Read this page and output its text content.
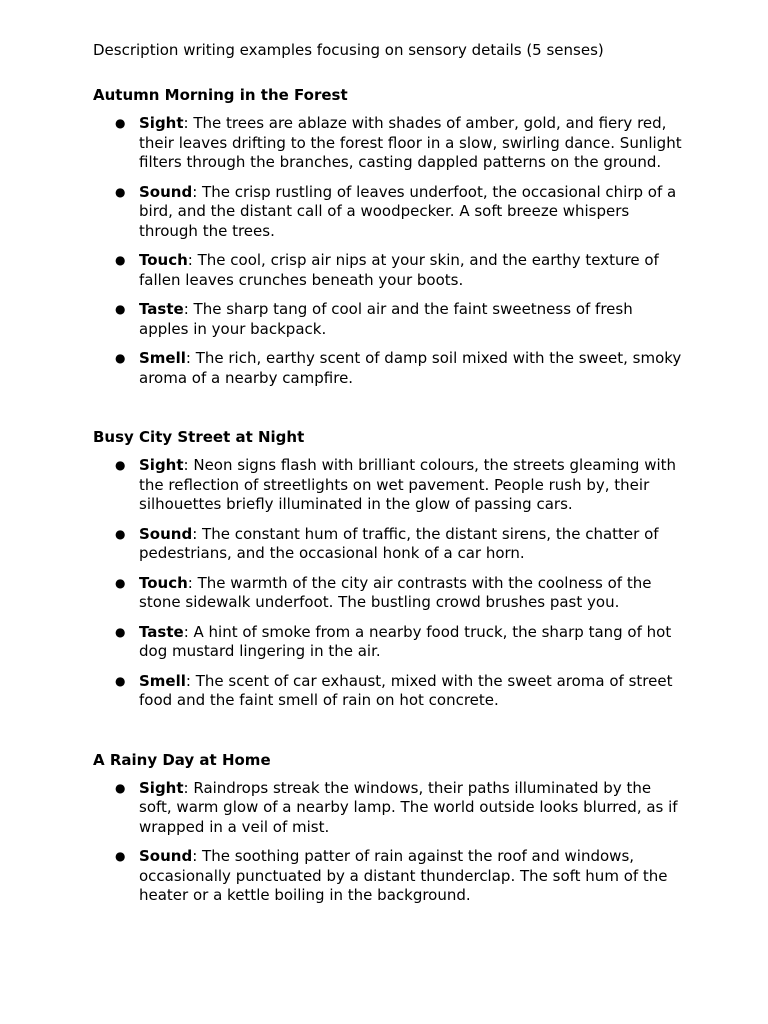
Description writing examples focusing on sensory details (5 senses)

Autumn Morning in the Forest
● Sight: The trees are ablaze with shades of amber, gold, and fiery red, their leaves drifting to the forest floor in a slow, swirling dance. Sunlight filters through the branches, casting dappled patterns on the ground.
● Sound: The crisp rustling of leaves underfoot, the occasional chirp of a bird, and the distant call of a woodpecker. A soft breeze whispers through the trees.
● Touch: The cool, crisp air nips at your skin, and the earthy texture of fallen leaves crunches beneath your boots.
● Taste: The sharp tang of cool air and the faint sweetness of fresh apples in your backpack.
● Smell: The rich, earthy scent of damp soil mixed with the sweet, smoky aroma of a nearby campfire.
Busy City Street at Night
● Sight: Neon signs flash with brilliant colours, the streets gleaming with the reflection of streetlights on wet pavement. People rush by, their silhouettes briefly illuminated in the glow of passing cars.
● Sound: The constant hum of traffic, the distant sirens, the chatter of pedestrians, and the occasional honk of a car horn.
● Touch: The warmth of the city air contrasts with the coolness of the stone sidewalk underfoot. The bustling crowd brushes past you.
● Taste: A hint of smoke from a nearby food truck, the sharp tang of hot dog mustard lingering in the air.
● Smell: The scent of car exhaust, mixed with the sweet aroma of street food and the faint smell of rain on hot concrete.
A Rainy Day at Home
● Sight: Raindrops streak the windows, their paths illuminated by the soft, warm glow of a nearby lamp. The world outside looks blurred, as if wrapped in a veil of mist.
● Sound: The soothing patter of rain against the roof and windows, occasionally punctuated by a distant thunderclap. The soft hum of the heater or a kettle boiling in the background.
